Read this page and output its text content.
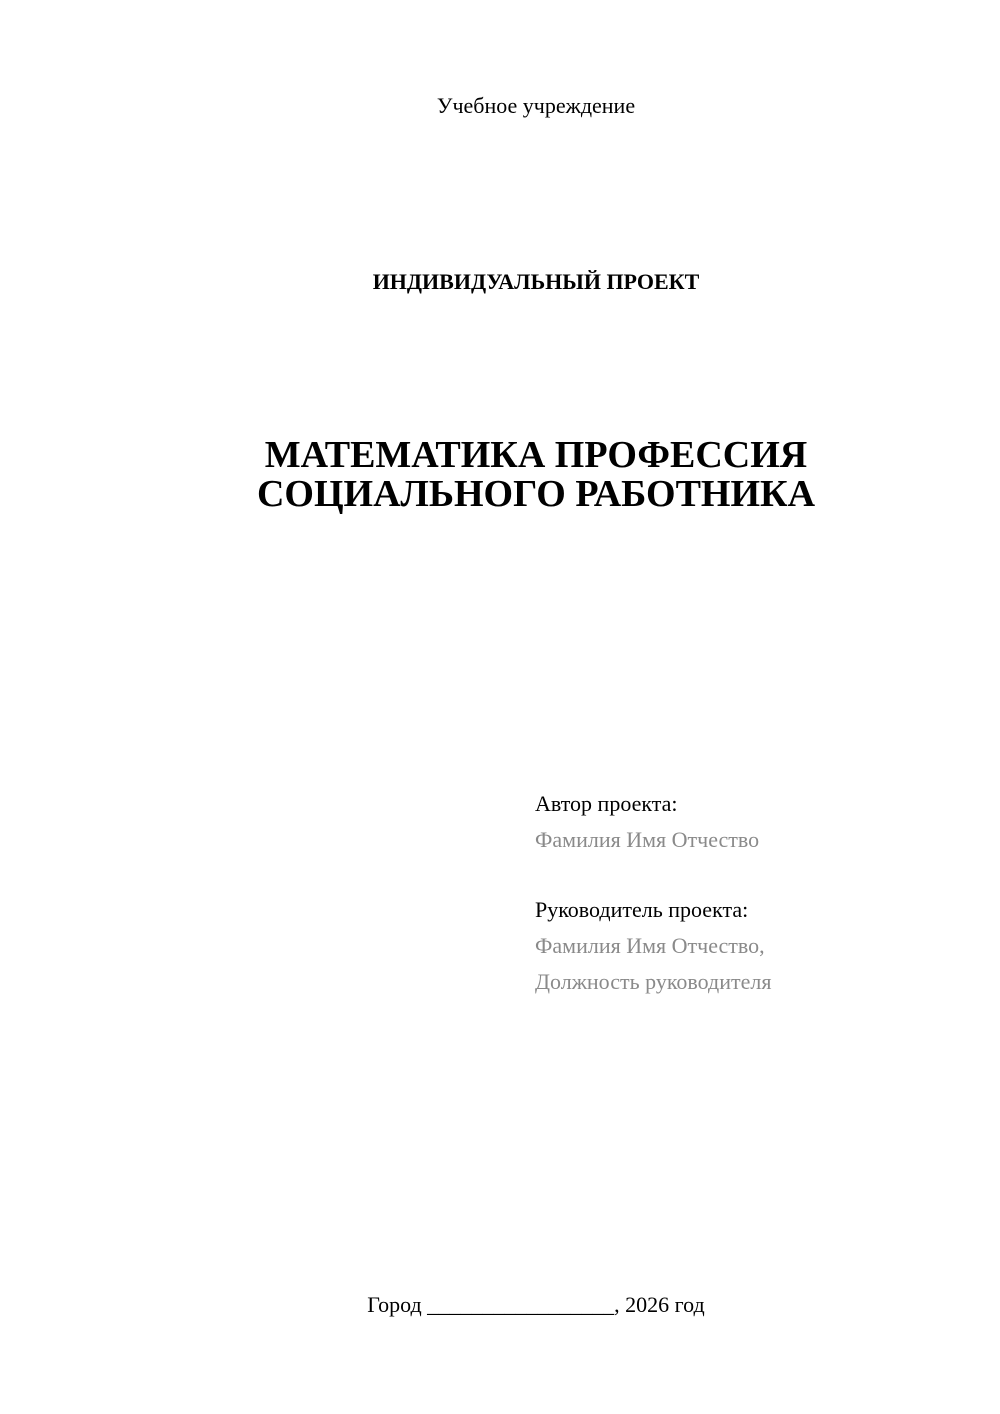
Учебное учреждение
ИНДИВИДУАЛЬНЫЙ ПРОЕКТ
МАТЕМАТИКА ПРОФЕССИЯ
СОЦИАЛЬНОГО РАБОТНИКА
Автор проекта:
Фамилия Имя Отчество
Руководитель проекта:
Фамилия Имя Отчество,
Должность руководителя
Город _________________, 2026 год
